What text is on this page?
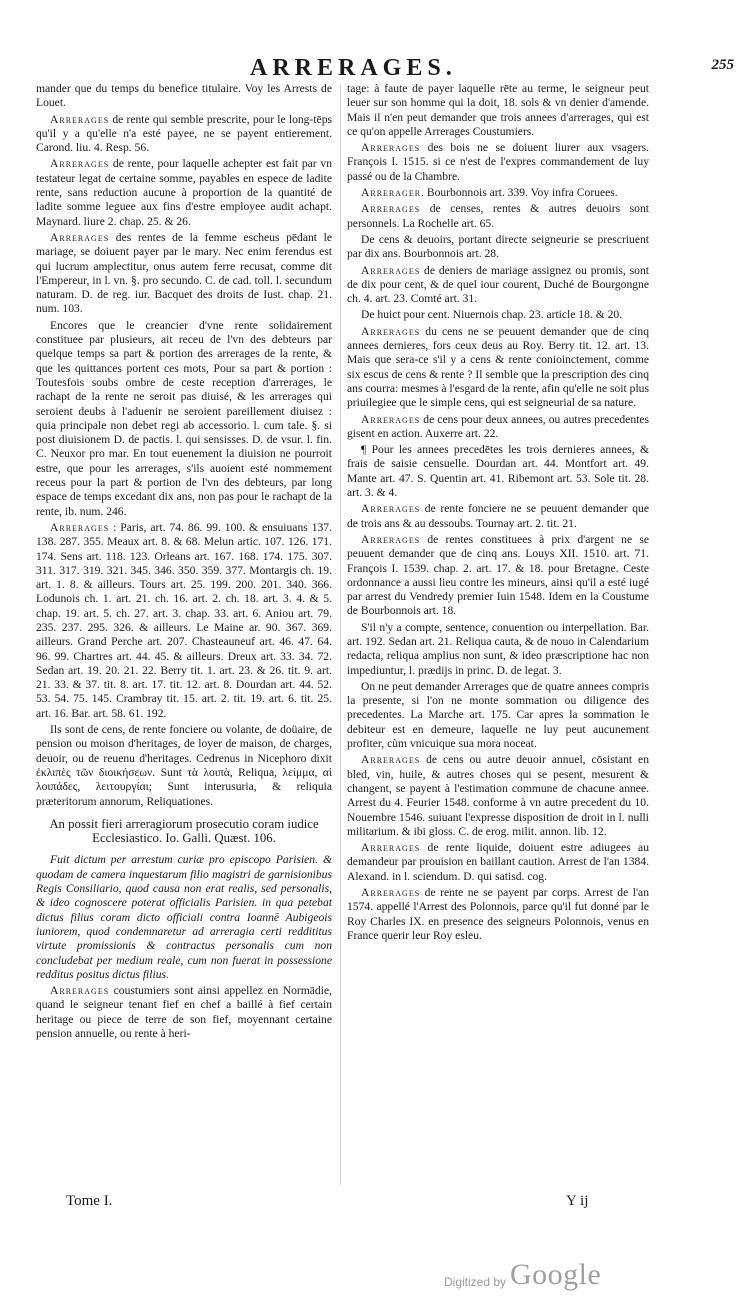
ARRERAGES.	255

mander que du temps du benefice titulaire. Voy les Arrests de Louet.

Arrerages de rente qui semble prescrite, pour le long-tēps qu'il y a qu'elle n'a esté payee, ne se payent entierement. Carond. liu. 4. Resp. 56.

Arrerages de rente, pour laquelle achepter est fait par vn testateur legat de certaine somme, payables en espece de ladite rente, sans reduction aucune à proportion de la quantité de ladite somme leguee aux fins d'estre employee audit achapt. Maynard. liure 2. chap. 25. & 26.

Arrerages des rentes de la femme escheus pēdant le mariage, se doiuent payer par le mary. Nec enim ferendus est qui lucrum amplectitur, onus autem ferre recusat, comme dit l'Empereur, in l. vn. §. pro secundo. C. de cad. toll. l. secundum naturam. D. de reg. iur. Bacquet des droits de Iust. chap. 21. num. 103.

Encores que le creancier d'vne rente solidairement constituee par plusieurs, ait receu de l'vn des debteurs par quelque temps sa part & portion des arrerages de la rente, & que les quittances portent ces mots, Pour sa part & portion : Toutesfois soubs ombre de ceste reception d'arrerages, le rachapt de la rente ne seroit pas diuisé, & les arrerages qui seroient deubs à l'aduenir ne seroient pareillement diuisez : quia principale non debet regi ab accessorio. l. cum tale. §. si post diuisionem D. de pactis. l. qui sensisses. D. de vsur. l. fin. C. Neuxor pro mar. En tout euenement la diuision ne pourroit estre, que pour les arrerages, s'ils auoient esté nommement receus pour la part & portion de l'vn des debteurs, par long espace de temps excedant dix ans, non pas pour le rachapt de la rente, ib. num. 246.

Arrerages : Paris, art. 74. 86. 99. 100. & ensuiuans 137. 138. 287. 355. Meaux art. 8. & 68. Melun artic. 107. 126. 171. 174. Sens art. 118. 123. Orleans art. 167. 168. 174. 175. 307. 311. 317. 319. 321. 345. 346. 350. 359. 377. Montargis ch. 19. art. 1. 8. & ailleurs. Tours art. 25. 199. 200. 201. 340. 366. Lodunois ch. 1. art. 21. ch. 16. art. 2. ch. 18. art. 3. 4. & 5. chap. 19. art. 5. ch. 27. art. 3. chap. 33. art. 6. Aniou art. 79. 235. 237. 295. 326. & ailleurs. Le Maine ar. 90. 367. 369. ailleurs. Grand Perche art. 207. Chasteauneuf art. 46. 47. 64. 96. 99. Chartres art. 44. 45. & ailleurs. Dreux art. 33. 34. 72. Sedan art. 19. 20. 21. 22. Berry tit. 1. art. 23. & 26. tit. 9. art. 21. 33. & 37. tit. 8. art. 17. tit. 12. art. 8. Dourdan art. 44. 52. 53. 54. 75. 145. Crambray tit. 15. art. 2. tit. 19. art. 6. tit. 25. art. 16. Bar. art. 58. 61. 192.

Ils sont de cens, de rente fonciere ou volante, de doüaire, de pension ou moison d'heritages, de loyer de maison, de charges, deuoir, ou de reuenu d'heritages. Cedrenus in Nicephoro dixit ἐκλιπὲς τῶν διοικήσεων. Sunt τὰ λοιπὰ, Reliqua, λείμμα, αἱ λοιπάδες, λειτουργίαι; Sunt interusuria, & reliquia præteritorum annorum, Reliquationes.

An possit fieri arreragiorum prosecutio coram iudice Ecclesiastico. Io. Galli. Quæst. 106.

Fuit dictum per arrestum curiæ pro episcopo Parisien. & quodam de camera inquestarum filio magistri de garnisionibus Regis Consiliario, quod causa non erat realis, sed personalis, & ideo cognoscere poterat officialis Parisien. in qua petebat dictus filius coram dicto officiali contra Ioannē Aubigeois iuniorem, quod condemnaretur ad arreragia certi reddititus virtute promissionis & contractus personalis cum non concludebat per medium reale, cum non fuerat in possessione redditus positus dictus filius.

Arrerages coustumiers sont ainsi appellez en Normādie, quand le seigneur tenant fief en chef a baillé à fief certain heritage ou piece de terre de son fief, moyennant certaine pension annuelle, ou rente à heri-

tage: à faute de payer laquelle rēte au terme, le seigneur peut leuer sur son homme qui la doit, 18. sols & vn denier d'amende. Mais il n'en peut demander que trois annees d'arrerages, qui est ce qu'on appelle Arrerages Coustumiers.

Arrerages des bois ne se doiuent liurer aux vsagers. François I. 1515. si ce n'est de l'expres commandement de luy passé ou de la Chambre.

Arrerager. Bourbonnois art. 339. Voy infra Coruees.

Arrerages de censes, rentes & autres deuoirs sont personnels. La Rochelle art. 65.

De cens & deuoirs, portant directe seigneurie se prescriuent par dix ans. Bourbonnois art. 28.

Arrerages de deniers de mariage assignez ou promis, sont de dix pour cent, & de quel iour courent, Duché de Bourgongne ch. 4. art. 23. Comté art. 31.

De huict pour cent. Niuernois chap. 23. article 18. & 20.

Arrerages du cens ne se peuuent demander que de cinq annees dernieres, fors ceux deus au Roy. Berry tit. 12. art. 13. Mais que sera-ce s'il y a cens & rente conioinctement, comme six escus de cens & rente ? Il semble que la prescription des cinq ans courra: mesmes à l'esgard de la rente, afin qu'elle ne soit plus priuilegiee que le simple cens, qui est seigneurial de sa nature.

Arrerages de cens pour deux annees, ou autres precedentes gisent en action. Auxerre art. 22.

¶ Pour les annees precedētes les trois dernieres annees, & frais de saisie censuelle. Dourdan art. 44. Montfort art. 49. Mante art. 47. S. Quentin art. 41. Ribemont art. 53. Sole tit. 28. art. 3. & 4.

Arrerages de rente fonciere ne se peuuent demander que de trois ans & au dessoubs. Tournay art. 2. tit. 21.

Arrerages de rentes constituees à prix d'argent ne se peuuent demander que de cinq ans. Louys XII. 1510. art. 71. François I. 1539. chap. 2. art. 17. & 18. pour Bretagne. Ceste ordonnance a aussi lieu contre les mineurs, ainsi qu'il a esté iugé par arrest du Vendredy premier Iuin 1548. Idem en la Coustume de Bourbonnois art. 18.

S'il n'y a compte, sentence, conuention ou interpellation. Bar. art. 192. Sedan art. 21. Reliqua cauta, & de nouo in Calendarium redacta, reliqua amplius non sunt, & ideo præscriptione hac non impediuntur, l. prædijs in princ. D. de legat. 3.

On ne peut demander Arrerages que de quatre annees compris la presente, si l'on ne monte sommation ou diligence des precedentes. La Marche art. 175. Car apres la sommation le debiteur est en demeure, laquelle ne luy peut aucunement profiter, cùm vnicuique sua mora noceat.

Arrerages de cens ou autre deuoir annuel, cōsistant en bled, vin, huile, & autres choses qui se pesent, mesurent & changent, se payent à l'estimation commune de chacune annee. Arrest du 4. Feurier 1548. conforme à vn autre precedent du 10. Nouembre 1546. suiuant l'expresse disposition de droit in l. nulli militarium. & ibi gloss. C. de erog. milit. annon. lib. 12.

Arrerages de rente liquide, doiuent estre adiugees au demandeur par prouision en baillant caution. Arrest de l'an 1384. Alexand. in l. sciendum. D. qui satisd. cog.

Arrerages de rente ne se payent par corps. Arrest de l'an 1574. appellé l'Arrest des Polonnois, parce qu'il fut donné par le Roy Charles IX. en presence des seigneurs Polonnois, venus en France querir leur Roy esleu.

Tome I.	Y ij
Digitized by Google
